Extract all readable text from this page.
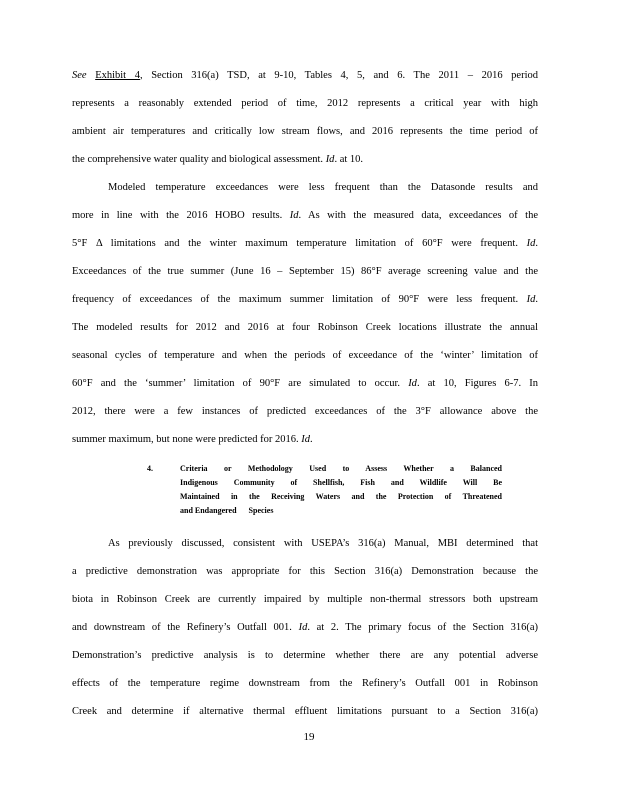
See Exhibit 4, Section 316(a) TSD, at 9-10, Tables 4, 5, and 6. The 2011 – 2016 period
represents a reasonably extended period of time, 2012 represents a critical year with high
ambient air temperatures and critically low stream flows, and 2016 represents the time period of
the comprehensive water quality and biological assessment. Id. at 10.
Modeled temperature exceedances were less frequent than the Datasonde results and
more in line with the 2016 HOBO results. Id. As with the measured data, exceedances of the
5°F Δ limitations and the winter maximum temperature limitation of 60°F were frequent. Id.
Exceedances of the true summer (June 16 – September 15) 86°F average screening value and the
frequency of exceedances of the maximum summer limitation of 90°F were less frequent. Id.
The modeled results for 2012 and 2016 at four Robinson Creek locations illustrate the annual
seasonal cycles of temperature and when the periods of exceedance of the ‘winter’ limitation of
60°F and the ‘summer’ limitation of 90°F are simulated to occur. Id. at 10, Figures 6-7. In
2012, there were a few instances of predicted exceedances of the 3°F allowance above the
summer maximum, but none were predicted for 2016. Id.
4.	Criteria or Methodology Used to Assess Whether a Balanced
Indigenous Community of Shellfish, Fish and Wildlife Will Be
Maintained in the Receiving Waters and the Protection of Threatened
and Endangered Species
As previously discussed, consistent with USEPA’s 316(a) Manual, MBI determined that
a predictive demonstration was appropriate for this Section 316(a) Demonstration because the
biota in Robinson Creek are currently impaired by multiple non-thermal stressors both upstream
and downstream of the Refinery’s Outfall 001. Id. at 2. The primary focus of the Section 316(a)
Demonstration’s predictive analysis is to determine whether there are any potential adverse
effects of the temperature regime downstream from the Refinery’s Outfall 001 in Robinson
Creek and determine if alternative thermal effluent limitations pursuant to a Section 316(a)
19
